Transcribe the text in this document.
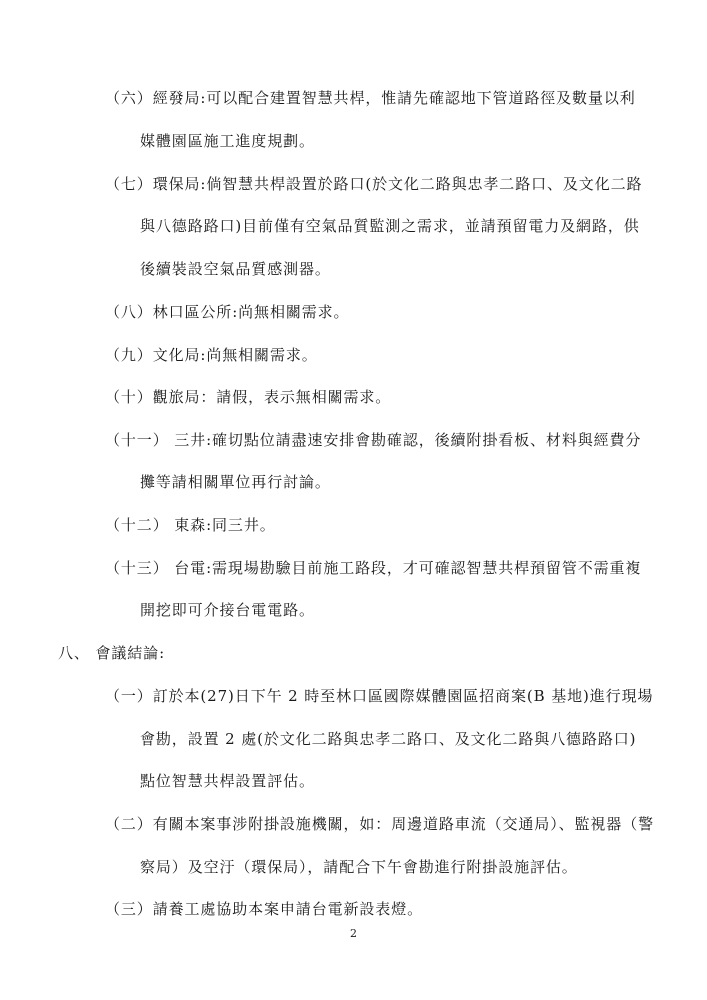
（六）經發局:可以配合建置智慧共桿，惟請先確認地下管道路徑及數量以利
媒體園區施工進度規劃。
（七）環保局:倘智慧共桿設置於路口(於文化二路與忠孝二路口、及文化二路
與八德路路口)目前僅有空氣品質監測之需求，並請預留電力及網路，供
後續裝設空氣品質感測器。
（八）林口區公所:尚無相關需求。
（九）文化局:尚無相關需求。
（十）觀旅局：請假，表示無相關需求。
（十一） 三井:確切點位請盡速安排會勘確認，後續附掛看板、材料與經費分
攤等請相關單位再行討論。
（十二） 東森:同三井。
（十三） 台電:需現場勘驗目前施工路段，才可確認智慧共桿預留管不需重複
開挖即可介接台電電路。
八、 會議結論:
（一）訂於本(27)日下午 2 時至林口區國際媒體園區招商案(B 基地)進行現場
會勘，設置 2 處(於文化二路與忠孝二路口、及文化二路與八德路路口)
點位智慧共桿設置評估。
（二）有關本案事涉附掛設施機關，如：周邊道路車流（交通局）、監視器（警
察局）及空汙（環保局），請配合下午會勘進行附掛設施評估。
（三）請養工處協助本案申請台電新設表燈。
2
